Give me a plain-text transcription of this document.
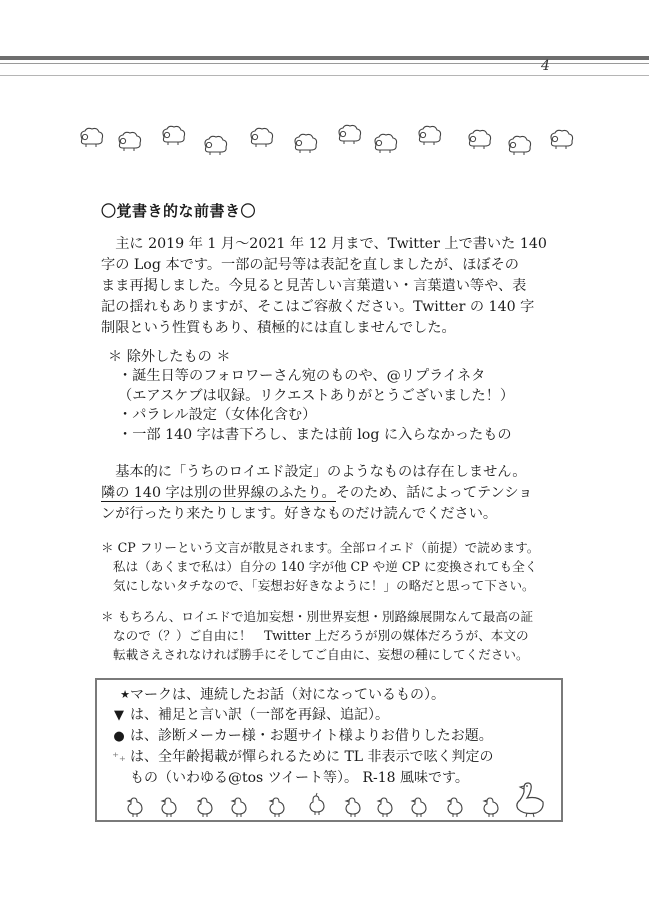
4
〇覚書き的な前書き〇
　主に 2019 年 1 月～2021 年 12 月まで、Twitter 上で書いた 140
字の Log 本です。一部の記号等は表記を直しましたが、ほぼその
まま再掲しました。今見ると見苦しい言葉遣い・言葉遣い等や、表
記の揺れもありますが、そこはご容赦ください。Twitter の 140 字
制限という性質もあり、積極的には直しませんでした。
＊ 除外したもの ＊
・誕生日等のフォロワーさん宛のものや、@リプライネタ
（エアスケブは収録。リクエストありがとうございました！）
・パラレル設定（女体化含む）
・一部 140 字は書下ろし、または前 log に入らなかったもの
　基本的に「うちのロイエド設定」のようなものは存在しません。
隣の 140 字は別の世界線のふたり。そのため、話によってテンショ
ンが行ったり来たりします。好きなものだけ読んでください。
＊ CP フリーという文言が散見されます。全部ロイエド（前提）で読めます。
私は（あくまで私は）自分の 140 字が他 CP や逆 CP に変換されても全く
気にしないタチなので、「妄想お好きなように！」の略だと思って下さい。
＊ もちろん、ロイエドで追加妄想・別世界妄想・別路線展開なんて最高の証
なので（？）ご自由に！　Twitter 上だろうが別の媒体だろうが、本文の
転載さえされなければ勝手にそしてご自由に、妄想の種にしてください。
★マークは、連続したお話（対になっているもの）。
▼ は、補足と言い訳（一部を再録、追記）。
● は、診断メーカー様・お題サイト様よりお借りしたお題。
⁺₊ は、全年齢掲載が憚られるために TL 非表示で呟く判定の
もの（いわゆる@tos ツイート等）。 R-18 風味です。
